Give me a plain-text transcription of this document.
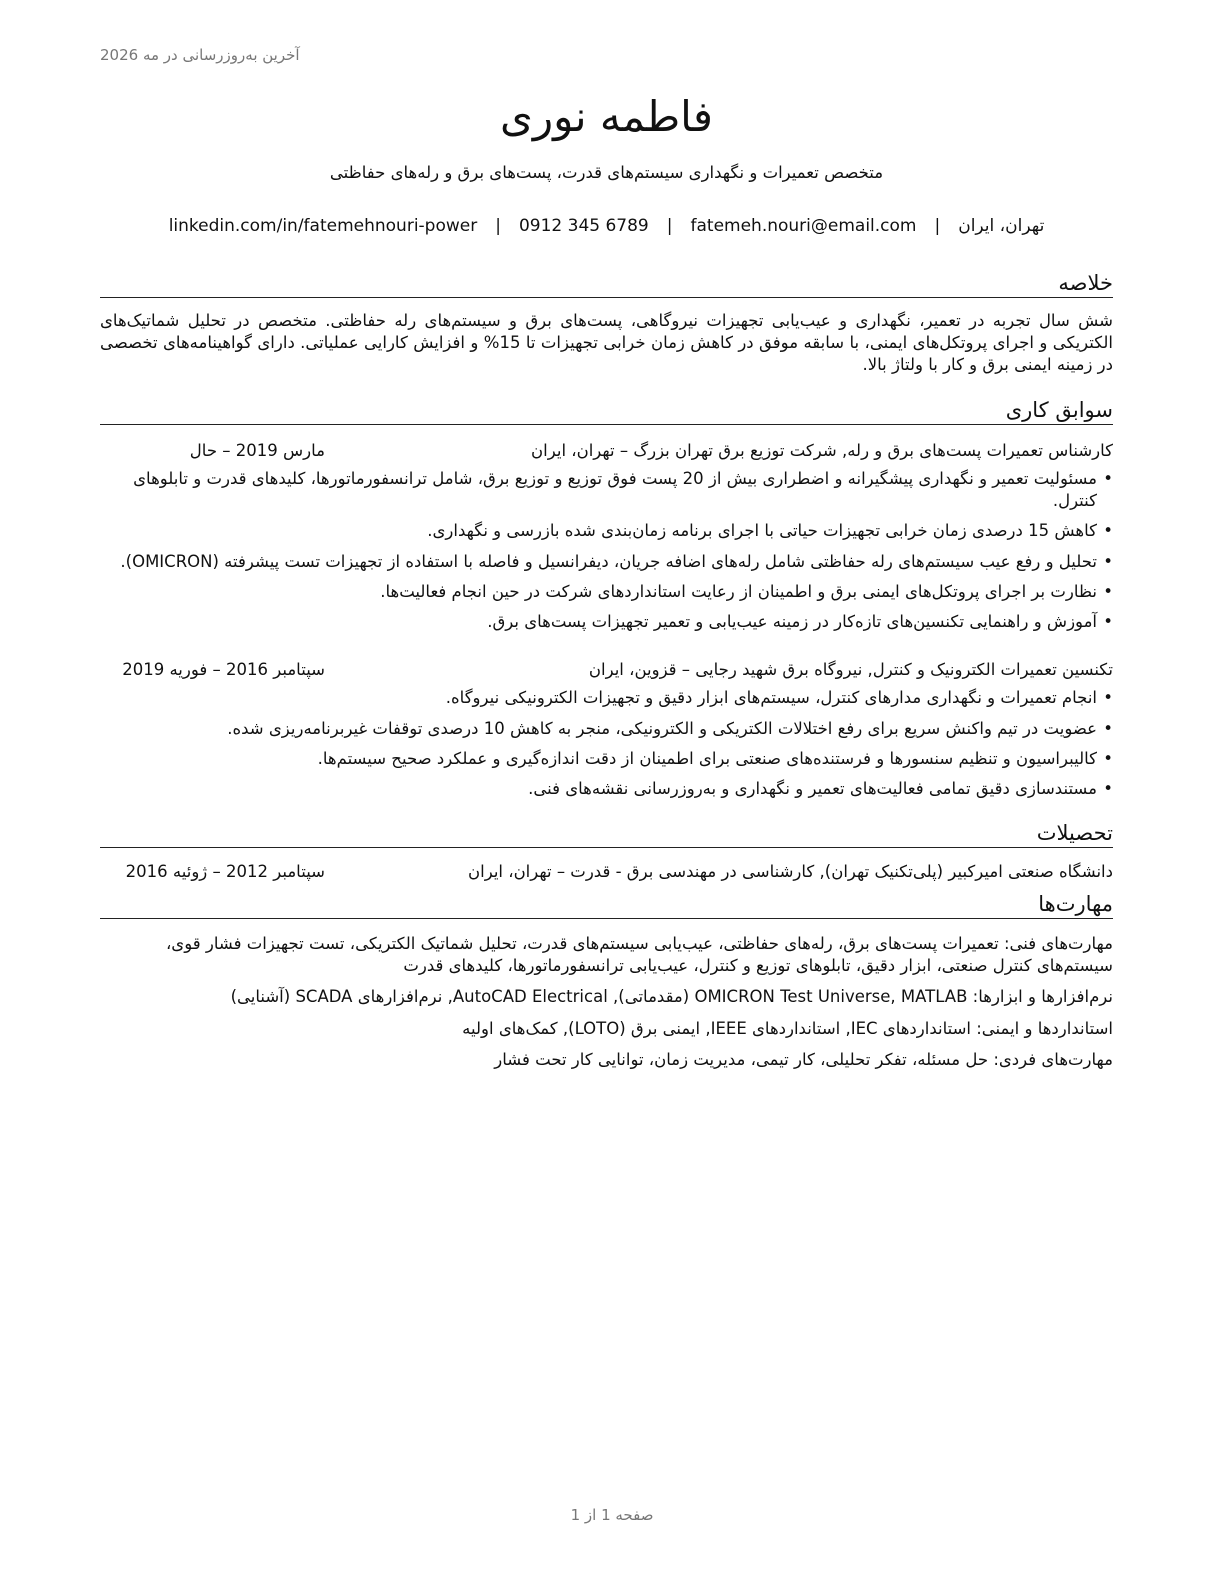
آخرین به‌روزرسانی در مه 2026
فاطمه نوری
متخصص تعمیرات و نگهداری سیستم‌های قدرت، پست‌های برق و رله‌های حفاظتی
تهران، ایران
|
fatemeh.nouri@email.com
|
0912 345 6789
|
linkedin.com/in/fatemehnouri-power
خلاصه

شش سال تجربه در تعمیر، نگهداری و عیب‌یابی تجهیزات نیروگاهی، پست‌های برق و سیستم‌های رله حفاظتی. متخصص در تحلیل شماتیک‌های الکتریکی و اجرای پروتکل‌های ایمنی، با سابقه موفق در کاهش زمان خرابی تجهیزات تا 15% و افزایش کارایی عملیاتی. دارای گواهینامه‌های تخصصی در زمینه ایمنی برق و کار با ولتاژ بالا.

سوابق کاری
کارشناس تعمیرات پست‌های برق و رله, شرکت توزیع برق تهران بزرگ – تهران، ایران
مارس 2019 – حال
• مسئولیت تعمیر و نگهداری پیشگیرانه و اضطراری بیش از 20 پست فوق توزیع و توزیع برق، شامل ترانسفورماتورها، کلیدهای قدرت و تابلوهای کنترل.
• کاهش 15 درصدی زمان خرابی تجهیزات حیاتی با اجرای برنامه زمان‌بندی شده بازرسی و نگهداری.
• تحلیل و رفع عیب سیستم‌های رله حفاظتی شامل رله‌های اضافه جریان، دیفرانسیل و فاصله با استفاده از تجهیزات تست پیشرفته (OMICRON).
• نظارت بر اجرای پروتکل‌های ایمنی برق و اطمینان از رعایت استانداردهای شرکت در حین انجام فعالیت‌ها.
• آموزش و راهنمایی تکنسین‌های تازه‌کار در زمینه عیب‌یابی و تعمیر تجهیزات پست‌های برق.
تکنسین تعمیرات الکترونیک و کنترل, نیروگاه برق شهید رجایی – قزوین، ایران
سپتامبر 2016 – فوریه 2019
• انجام تعمیرات و نگهداری مدارهای کنترل، سیستم‌های ابزار دقیق و تجهیزات الکترونیکی نیروگاه.
• عضویت در تیم واکنش سریع برای رفع اختلالات الکتریکی و الکترونیکی، منجر به کاهش 10 درصدی توقفات غیربرنامه‌ریزی شده.
• کالیبراسیون و تنظیم سنسورها و فرستنده‌های صنعتی برای اطمینان از دقت اندازه‌گیری و عملکرد صحیح سیستم‌ها.
• مستندسازی دقیق تمامی فعالیت‌های تعمیر و نگهداری و به‌روزرسانی نقشه‌های فنی.
تحصیلات
دانشگاه صنعتی امیرکبیر (پلی‌تکنیک تهران), کارشناسی در مهندسی برق - قدرت – تهران، ایران
سپتامبر 2012 – ژوئیه 2016
مهارت‌ها
مهارت‌های فنی: تعمیرات پست‌های برق، رله‌های حفاظتی، عیب‌یابی سیستم‌های قدرت، تحلیل شماتیک الکتریکی، تست تجهیزات فشار قوی، سیستم‌های کنترل صنعتی، ابزار دقیق، تابلوهای توزیع و کنترل، عیب‌یابی ترانسفورماتورها، کلیدهای قدرت
نرم‌افزارها و ابزارها: OMICRON Test Universe, MATLAB (مقدماتی), AutoCAD Electrical, نرم‌افزارهای SCADA (آشنایی)
استانداردها و ایمنی: استانداردهای IEC, استانداردهای IEEE, ایمنی برق (LOTO), کمک‌های اولیه
مهارت‌های فردی: حل مسئله، تفکر تحلیلی، کار تیمی، مدیریت زمان، توانایی کار تحت فشار
صفحه 1 از 1
